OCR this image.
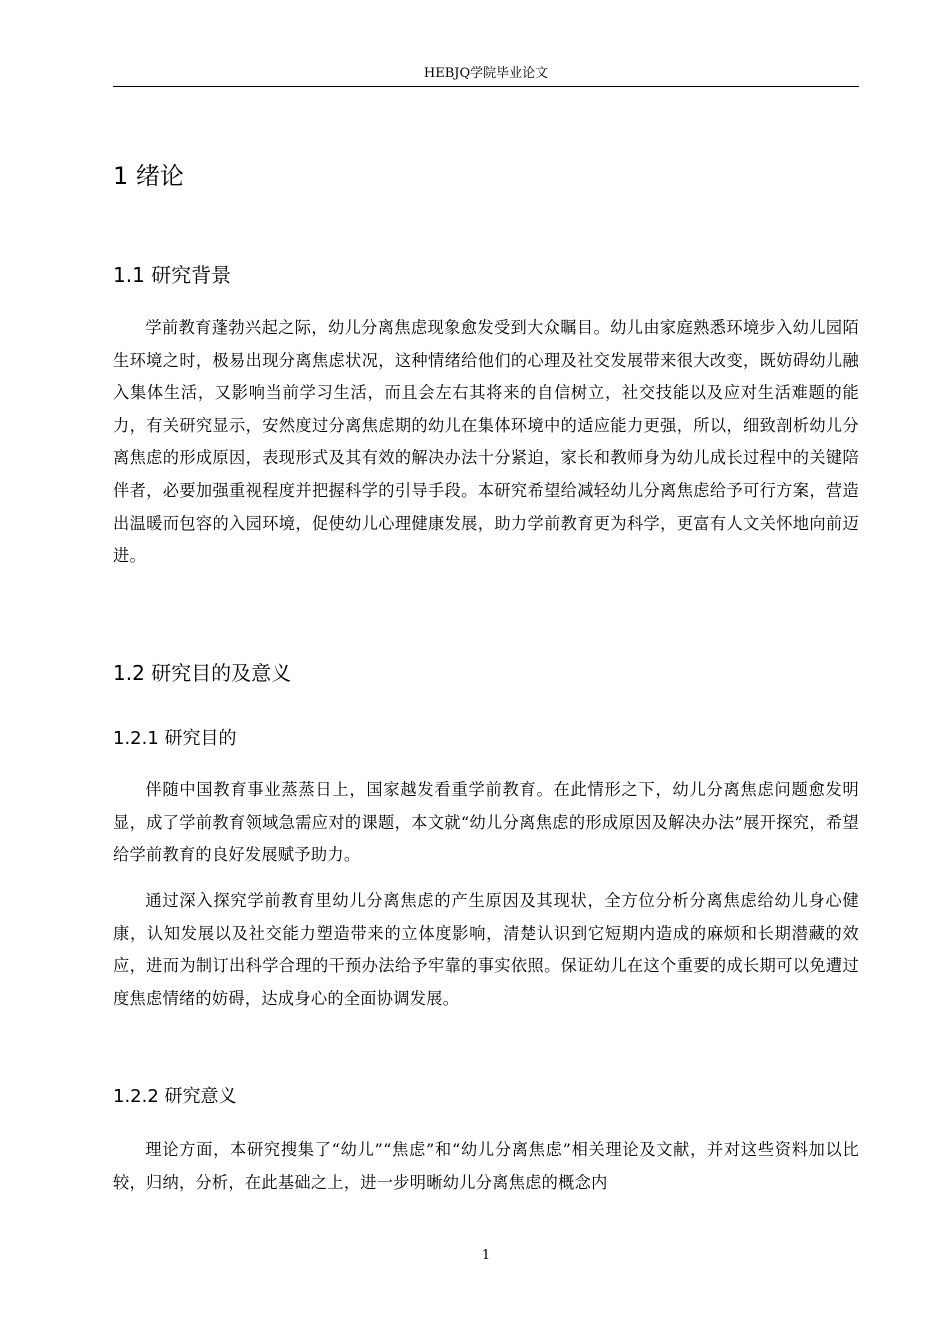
HEBJQ学院毕业论文
1 绪论
1.1 研究背景
学前教育蓬勃兴起之际，幼儿分离焦虑现象愈发受到大众瞩目。幼儿由家庭熟悉环境步入幼儿园陌生环境之时，极易出现分离焦虑状况，这种情绪给他们的心理及社交发展带来很大改变，既妨碍幼儿融入集体生活，又影响当前学习生活，而且会左右其将来的自信树立，社交技能以及应对生活难题的能力，有关研究显示，安然度过分离焦虑期的幼儿在集体环境中的适应能力更强，所以，细致剖析幼儿分离焦虑的形成原因，表现形式及其有效的解决办法十分紧迫，家长和教师身为幼儿成长过程中的关键陪伴者，必要加强重视程度并把握科学的引导手段。本研究希望给减轻幼儿分离焦虑给予可行方案，营造出温暖而包容的入园环境，促使幼儿心理健康发展，助力学前教育更为科学，更富有人文关怀地向前迈进。
1.2 研究目的及意义
1.2.1 研究目的
伴随中国教育事业蒸蒸日上，国家越发看重学前教育。在此情形之下，幼儿分离焦虑问题愈发明显，成了学前教育领域急需应对的课题，本文就“幼儿分离焦虑的形成原因及解决办法”展开探究，希望给学前教育的良好发展赋予助力。
通过深入探究学前教育里幼儿分离焦虑的产生原因及其现状，全方位分析分离焦虑给幼儿身心健康，认知发展以及社交能力塑造带来的立体度影响，清楚认识到它短期内造成的麻烦和长期潜藏的效应，进而为制订出科学合理的干预办法给予牢靠的事实依照。保证幼儿在这个重要的成长期可以免遭过度焦虑情绪的妨碍，达成身心的全面协调发展。
1.2.2 研究意义
理论方面，本研究搜集了“幼儿”“焦虑”和“幼儿分离焦虑”相关理论及文献，并对这些资料加以比较，归纳，分析，在此基础之上，进一步明晰幼儿分离焦虑的概念内
1
